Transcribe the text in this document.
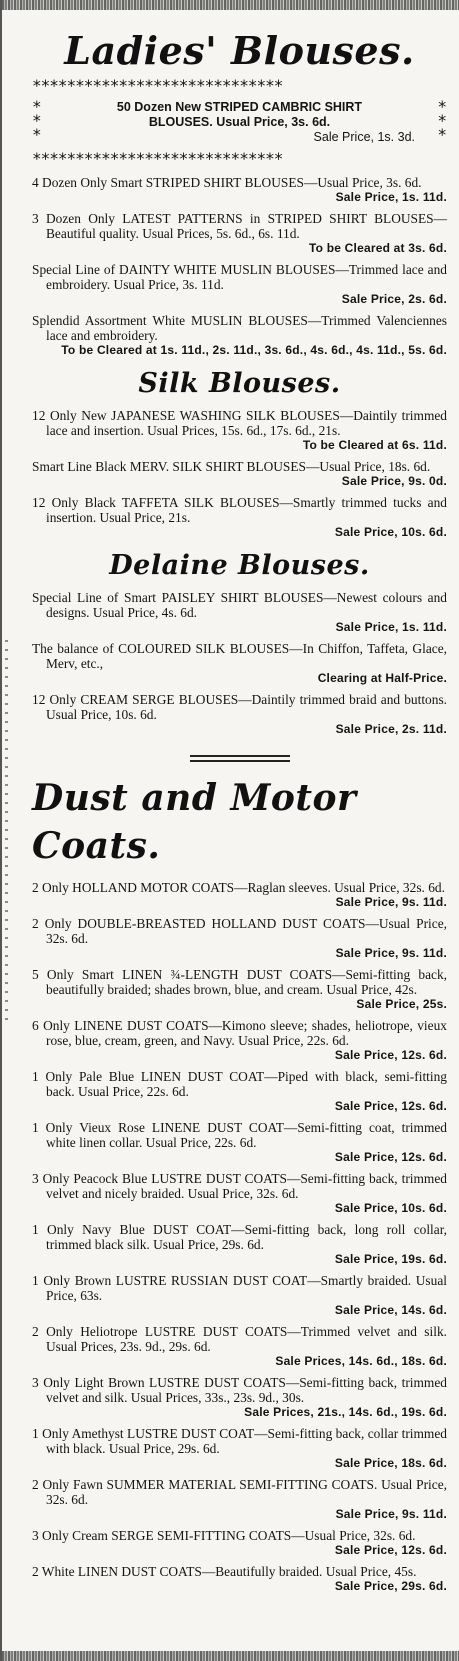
Ladies' Blouses.
*****************************
*
*
*
50 Dozen New STRIPED CAMBRIC SHIRT
BLOUSES. Usual Price, 3s. 6d.
Sale Price, 1s. 3d.
*
*
*
*****************************
4 Dozen Only Smart STRIPED SHIRT BLOUSES—Usual Price, 3s. 6d.
Sale Price, 1s. 11d.
3 Dozen Only LATEST PATTERNS in STRIPED SHIRT BLOUSES—Beautiful quality. Usual Prices, 5s. 6d., 6s. 11d.
To be Cleared at 3s. 6d.
Special Line of DAINTY WHITE MUSLIN BLOUSES—Trimmed lace and embroidery. Usual Price, 3s. 11d.
Sale Price, 2s. 6d.
Splendid Assortment White MUSLIN BLOUSES—Trimmed Valenciennes lace and embroidery.
To be Cleared at 1s. 11d., 2s. 11d., 3s. 6d., 4s. 6d., 4s. 11d., 5s. 6d.
Silk Blouses.
12 Only New JAPANESE WASHING SILK BLOUSES—Daintily trimmed lace and insertion. Usual Prices, 15s. 6d., 17s. 6d., 21s.
To be Cleared at 6s. 11d.
Smart Line Black MERV. SILK SHIRT BLOUSES—Usual Price, 18s. 6d.
Sale Price, 9s. 0d.
12 Only Black TAFFETA SILK BLOUSES—Smartly trimmed tucks and insertion. Usual Price, 21s.
Sale Price, 10s. 6d.
Delaine Blouses.
Special Line of Smart PAISLEY SHIRT BLOUSES—Newest colours and designs. Usual Price, 4s. 6d.
Sale Price, 1s. 11d.
The balance of COLOURED SILK BLOUSES—In Chiffon, Taffeta, Glace, Merv, etc.,
Clearing at Half-Price.
12 Only CREAM SERGE BLOUSES—Daintily trimmed braid and buttons. Usual Price, 10s. 6d.
Sale Price, 2s. 11d.
Dust and Motor Coats.
2 Only HOLLAND MOTOR COATS—Raglan sleeves. Usual Price, 32s. 6d.
Sale Price, 9s. 11d.
2 Only DOUBLE-BREASTED HOLLAND DUST COATS—Usual Price, 32s. 6d.
Sale Price, 9s. 11d.
5 Only Smart LINEN ¾-LENGTH DUST COATS—Semi-fitting back, beautifully braided; shades brown, blue, and cream. Usual Price, 42s.
Sale Price, 25s.
6 Only LINENE DUST COATS—Kimono sleeve; shades, heliotrope, vieux rose, blue, cream, green, and Navy. Usual Price, 22s. 6d.
Sale Price, 12s. 6d.
1 Only Pale Blue LINEN DUST COAT—Piped with black, semi-fitting back. Usual Price, 22s. 6d.
Sale Price, 12s. 6d.
1 Only Vieux Rose LINENE DUST COAT—Semi-fitting coat, trimmed white linen collar. Usual Price, 22s. 6d.
Sale Price, 12s. 6d.
3 Only Peacock Blue LUSTRE DUST COATS—Semi-fitting back, trimmed velvet and nicely braided. Usual Price, 32s. 6d.
Sale Price, 10s. 6d.
1 Only Navy Blue DUST COAT—Semi-fitting back, long roll collar, trimmed black silk. Usual Price, 29s. 6d.
Sale Price, 19s. 6d.
1 Only Brown LUSTRE RUSSIAN DUST COAT—Smartly braided. Usual Price, 63s.
Sale Price, 14s. 6d.
2 Only Heliotrope LUSTRE DUST COATS—Trimmed velvet and silk. Usual Prices, 23s. 9d., 29s. 6d.
Sale Prices, 14s. 6d., 18s. 6d.
3 Only Light Brown LUSTRE DUST COATS—Semi-fitting back, trimmed velvet and silk. Usual Prices, 33s., 23s. 9d., 30s.
Sale Prices, 21s., 14s. 6d., 19s. 6d.
1 Only Amethyst LUSTRE DUST COAT—Semi-fitting back, collar trimmed with black. Usual Price, 29s. 6d.
Sale Price, 18s. 6d.
2 Only Fawn SUMMER MATERIAL SEMI-FITTING COATS. Usual Price, 32s. 6d.
Sale Price, 9s. 11d.
3 Only Cream SERGE SEMI-FITTING COATS—Usual Price, 32s. 6d.
Sale Price, 12s. 6d.
2 White LINEN DUST COATS—Beautifully braided. Usual Price, 45s.
Sale Price, 29s. 6d.
